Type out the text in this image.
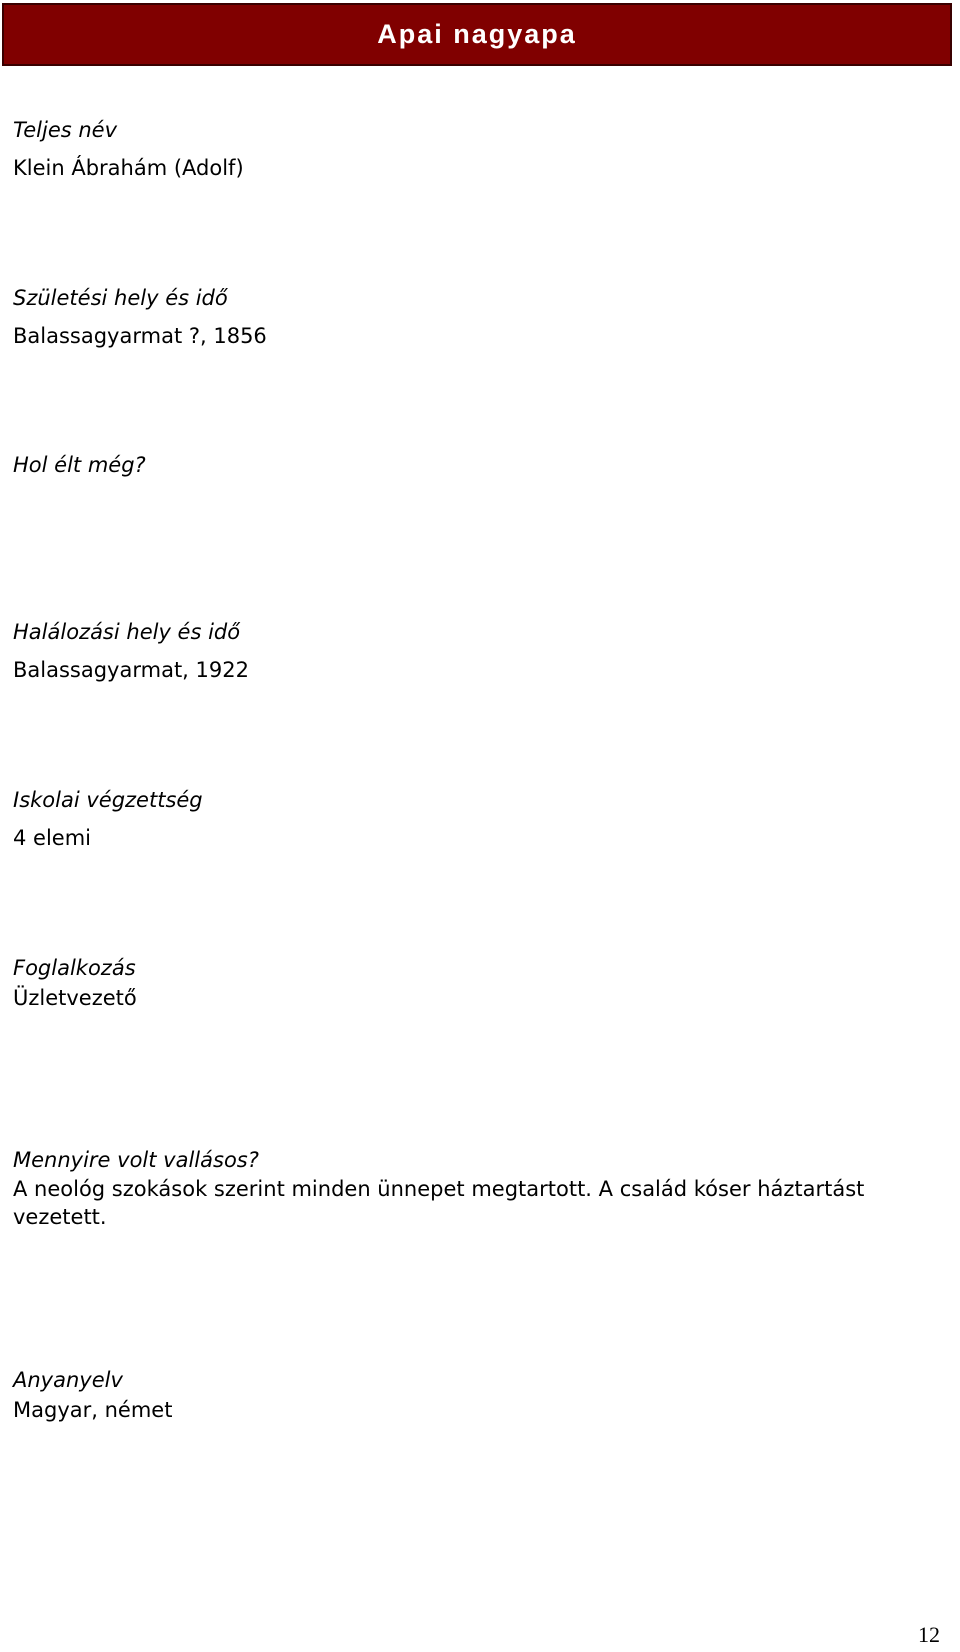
Apai nagyapa
Teljes név
Klein Ábrahám (Adolf)
Születési hely és idő
Balassagyarmat ?, 1856
Hol élt még?
Halálozási hely és idő
Balassagyarmat, 1922
Iskolai végzettség
4 elemi
Foglalkozás
Üzletvezető
Mennyire volt vallásos?
A neológ szokások szerint minden ünnepet megtartott. A család kóser háztartást vezetett.
Anyanyelv
Magyar, német
12
